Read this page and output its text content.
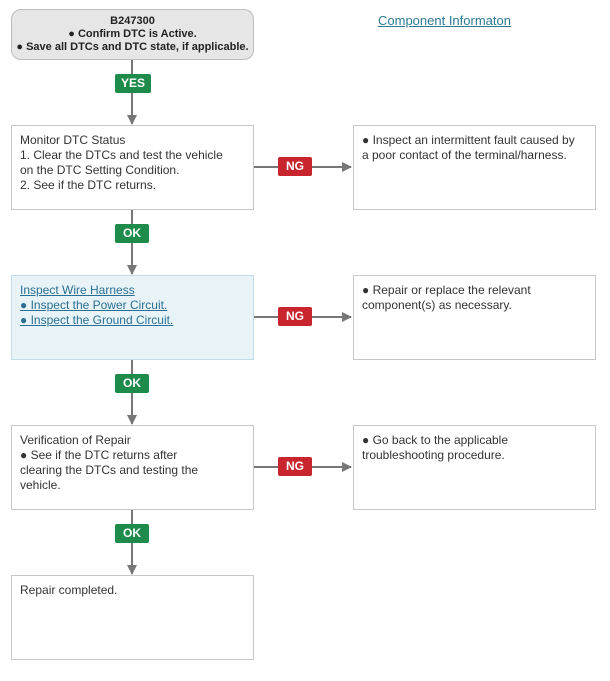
B247300
● Confirm DTC is Active.
● Save all DTCs and DTC state, if applicable.
Component Informaton
YES
OK
OK
OK
NG
NG
NG
Monitor DTC Status
1. Clear the DTCs and test the vehicle
on the DTC Setting Condition.
2. See if the DTC returns.
Inspect Wire Harness
● Inspect the Power Circuit.
● Inspect the Ground Circuit.
Verification of Repair
● See if the DTC returns after
clearing the DTCs and testing the
vehicle.
Repair completed.
● Inspect an intermittent fault caused by
a poor contact of the terminal/harness.
● Repair or replace the relevant
component(s) as necessary.
● Go back to the applicable
troubleshooting procedure.
